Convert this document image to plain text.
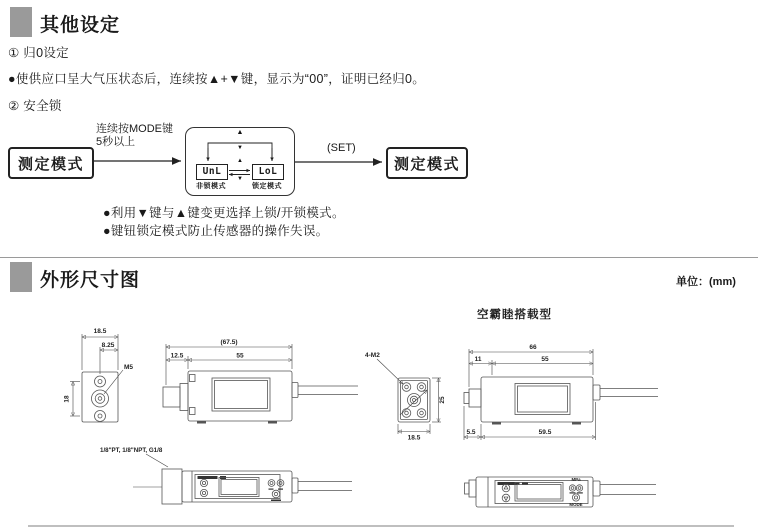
其他设定
① 归0设定
●使供应口呈大气压状态后，连续按▲+▼键，显示为“00”，证明已经归0。
② 安全锁
测定模式	测定模式
连续按MODE键
5秒以上	(SET)
▲
▼
▲
▼
UnL	LoL
非锁模式	锁定模式
●利用▼键与▲键变更选择上锁/开锁模式。
●键钮锁定模式防止传感器的操作失误。
外形尺寸图	单位：(mm)
空霸睦搭载型
18.5
8.25
M5
18
(67.5)
12.5	55	4-M2
25
18.5
66
11	55
5.5	59.5
1/8"PT, 1/8"NPT, G1/8
MPa
MODE
